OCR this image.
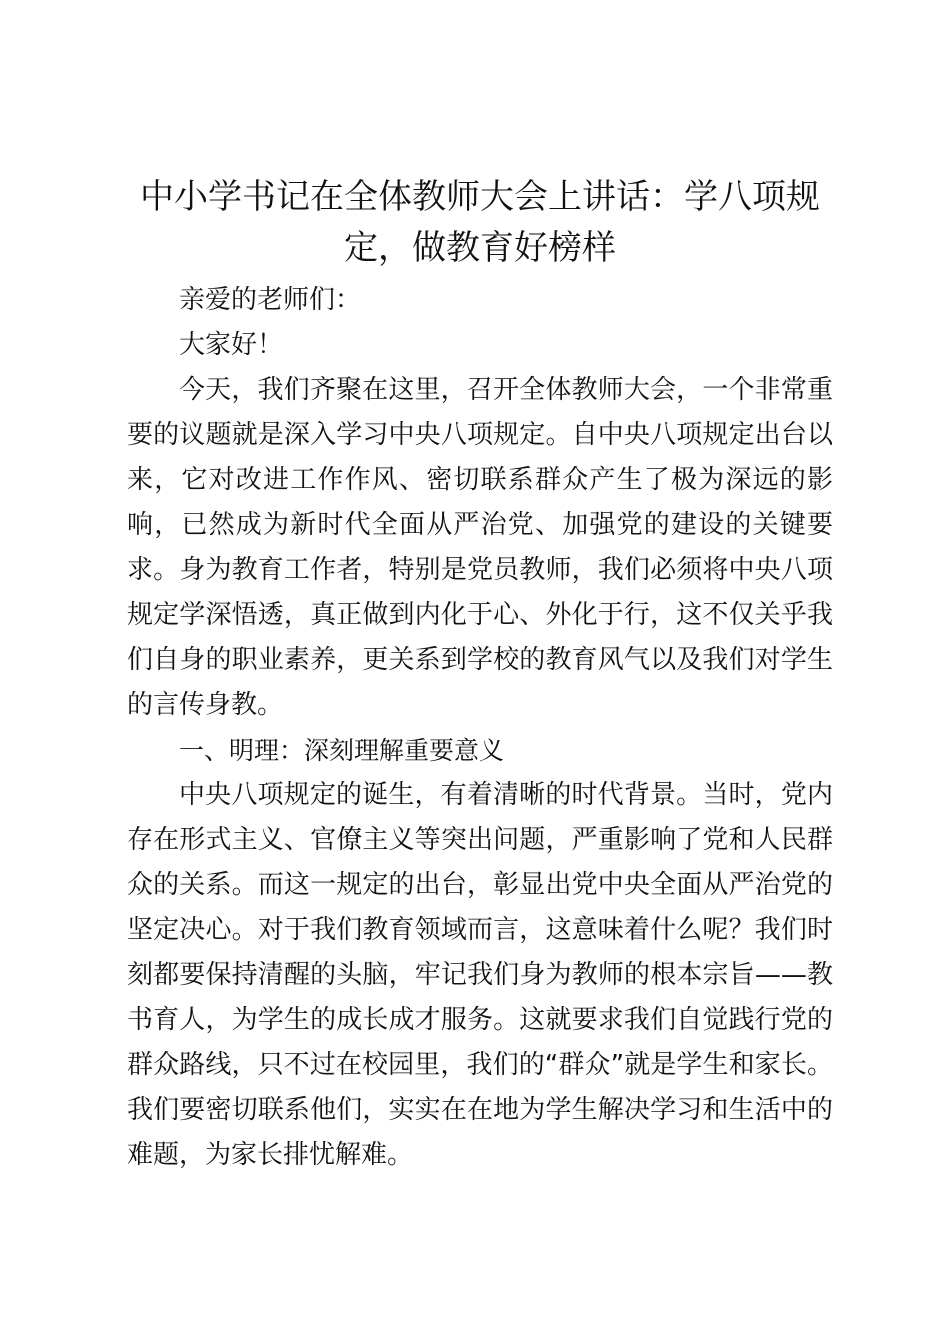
中小学书记在全体教师大会上讲话：学八项规定，做教育好榜样

亲爱的老师们：

大家好！

今天，我们齐聚在这里，召开全体教师大会，一个非常重要的议题就是深入学习中央八项规定。自中央八项规定出台以来，它对改进工作作风、密切联系群众产生了极为深远的影响，已然成为新时代全面从严治党、加强党的建设的关键要求。身为教育工作者，特别是党员教师，我们必须将中央八项规定学深悟透，真正做到内化于心、外化于行，这不仅关乎我们自身的职业素养，更关系到学校的教育风气以及我们对学生的言传身教。

一、明理：深刻理解重要意义

中央八项规定的诞生，有着清晰的时代背景。当时，党内存在形式主义、官僚主义等突出问题，严重影响了党和人民群众的关系。而这一规定的出台，彰显出党中央全面从严治党的坚定决心。对于我们教育领域而言，这意味着什么呢？我们时刻都要保持清醒的头脑，牢记我们身为教师的根本宗旨——教书育人，为学生的成长成才服务。这就要求我们自觉践行党的群众路线，只不过在校园里，我们的“群众”就是学生和家长。我们要密切联系他们，实实在在地为学生解决学习和生活中的难题，为家长排忧解难。
